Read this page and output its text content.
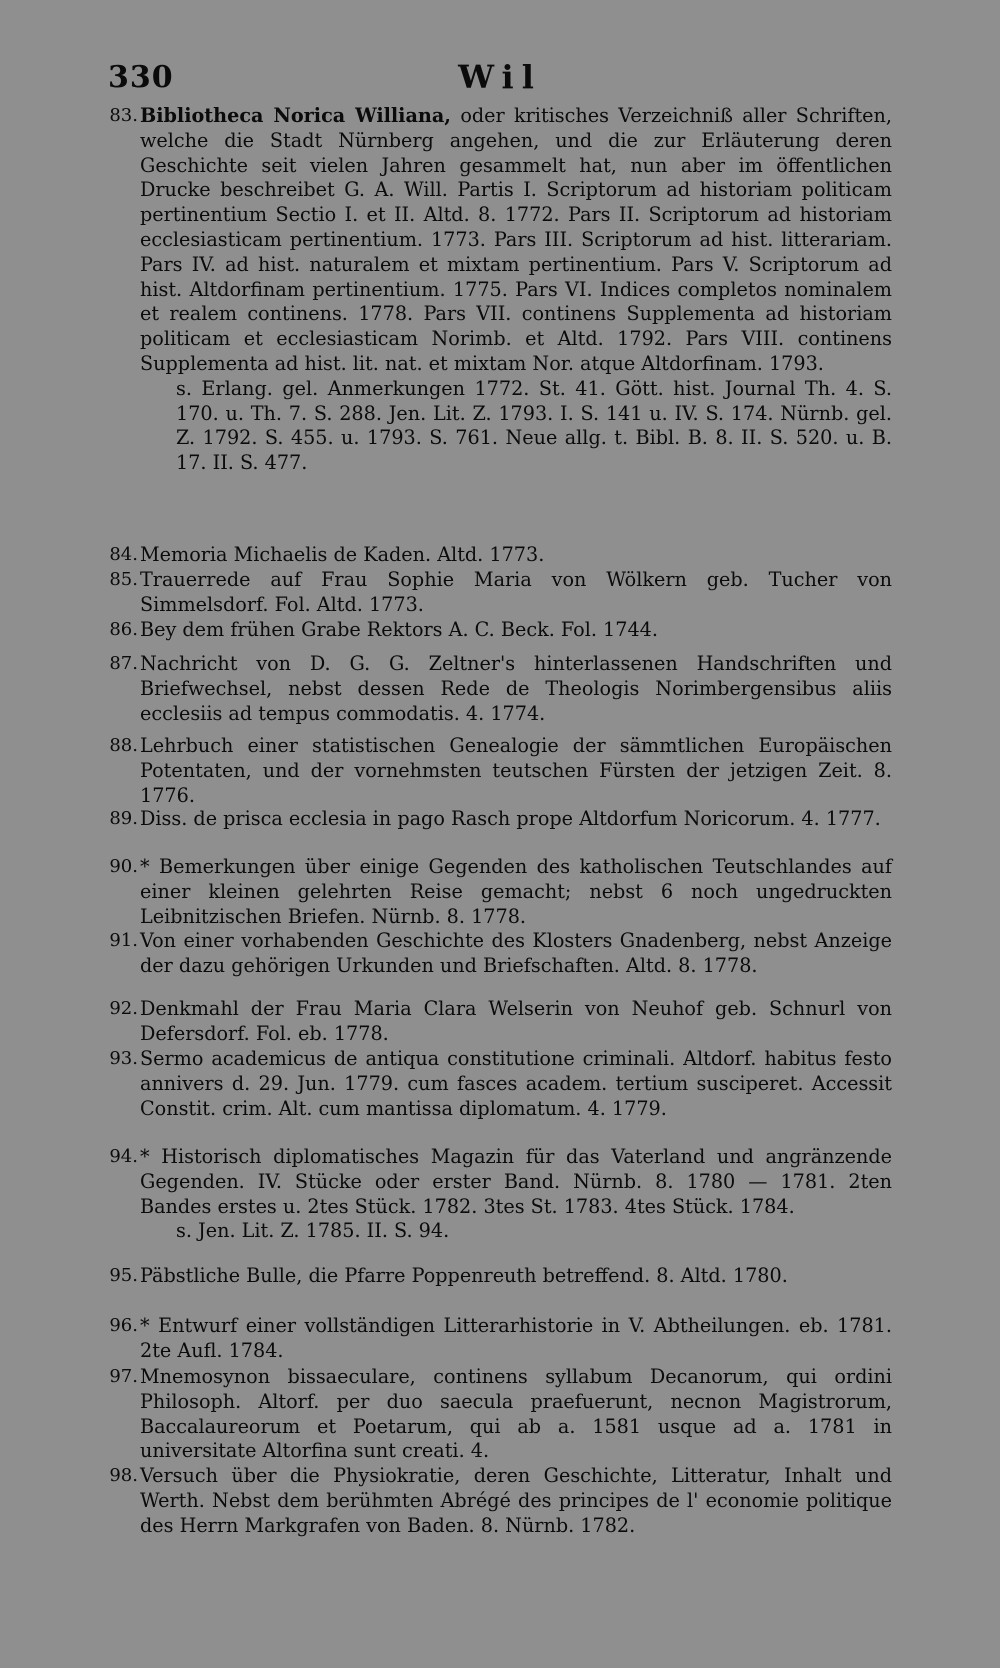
330	Wil
83. Bibliotheca Norica Williana, oder kritisches Verzeichniß aller Schriften, welche die Stadt Nürnberg angehen, und die zur Erläuterung deren Geschichte seit vielen Jahren gesammelt hat, nun aber im öffentlichen Drucke beschreibet G. A. Will. Partis I. Scriptorum ad historiam politicam pertinentium Sectio I. et II. Altd. 8. 1772. Pars II. Scriptorum ad historiam ecclesiasticam pertinentium. 1773. Pars III. Scriptorum ad hist. litterariam. Pars IV. ad hist. naturalem et mixtam pertinentium. Pars V. Scriptorum ad hist. Altdorfinam pertinentium. 1775. Pars VI. Indices completos nominalem et realem continens. 1778. Pars VII. continens Supplementa ad historiam politicam et ecclesiasticam Norimb. et Altd. 1792. Pars VIII. continens Supplementa ad hist. lit. nat. et mixtam Nor. atque Altdorfinam. 1793.
s. Erlang. gel. Anmerkungen 1772. St. 41. Gött. hist. Journal Th. 4. S. 170. u. Th. 7. S. 288. Jen. Lit. Z. 1793. I. S. 141 u. IV. S. 174. Nürnb. gel. Z. 1792. S. 455. u. 1793. S. 761. Neue allg. t. Bibl. B. 8. II. S. 520. u. B. 17. II. S. 477.
84. Memoria Michaelis de Kaden. Altd. 1773.
85. Trauerrede auf Frau Sophie Maria von Wölkern geb. Tucher von Simmelsdorf. Fol. Altd. 1773.
86. Bey dem frühen Grabe Rektors A. C. Beck. Fol. 1744.
87. Nachricht von D. G. G. Zeltner's hinterlassenen Handschriften und Briefwechsel, nebst dessen Rede de Theologis Norimbergensibus aliis ecclesiis ad tempus commodatis. 4. 1774.
88. Lehrbuch einer statistischen Genealogie der sämmtlichen Europäischen Potentaten, und der vornehmsten teutschen Fürsten der jetzigen Zeit. 8. 1776.
89. Diss. de prisca ecclesia in pago Rasch prope Altdorfum Noricorum. 4. 1777.
90. * Bemerkungen über einige Gegenden des katholischen Teutschlandes auf einer kleinen gelehrten Reise gemacht; nebst 6 noch ungedruckten Leibnitzischen Briefen. Nürnb. 8. 1778.
91. Von einer vorhabenden Geschichte des Klosters Gnadenberg, nebst Anzeige der dazu gehörigen Urkunden und Briefschaften. Altd. 8. 1778.
92. Denkmahl der Frau Maria Clara Welserin von Neuhof geb. Schnurl von Defersdorf. Fol. eb. 1778.
93. Sermo academicus de antiqua constitutione criminali. Altdorf. habitus festo annivers d. 29. Jun. 1779. cum fasces academ. tertium susciperet. Accessit Constit. crim. Alt. cum mantissa diplomatum. 4. 1779.
94. * Historisch diplomatisches Magazin für das Vaterland und angränzende Gegenden. IV. Stücke oder erster Band. Nürnb. 8. 1780 — 1781. 2ten Bandes erstes u. 2tes Stück. 1782. 3tes St. 1783. 4tes Stück. 1784.
s. Jen. Lit. Z. 1785. II. S. 94.
95. Päbstliche Bulle, die Pfarre Poppenreuth betreffend. 8. Altd. 1780.
96. * Entwurf einer vollständigen Litterarhistorie in V. Abtheilungen. eb. 1781. 2te Aufl. 1784.
97. Mnemosynon bissaeculare, continens syllabum Decanorum, qui ordini Philosoph. Altorf. per duo saecula praefuerunt, necnon Magistrorum, Baccalaureorum et Poetarum, qui ab a. 1581 usque ad a. 1781 in universitate Altorfina sunt creati. 4.
98. Versuch über die Physiokratie, deren Geschichte, Litteratur, Inhalt und Werth. Nebst dem berühmten Abrégé des principes de l' economie politique des Herrn Markgrafen von Baden. 8. Nürnb. 1782.
